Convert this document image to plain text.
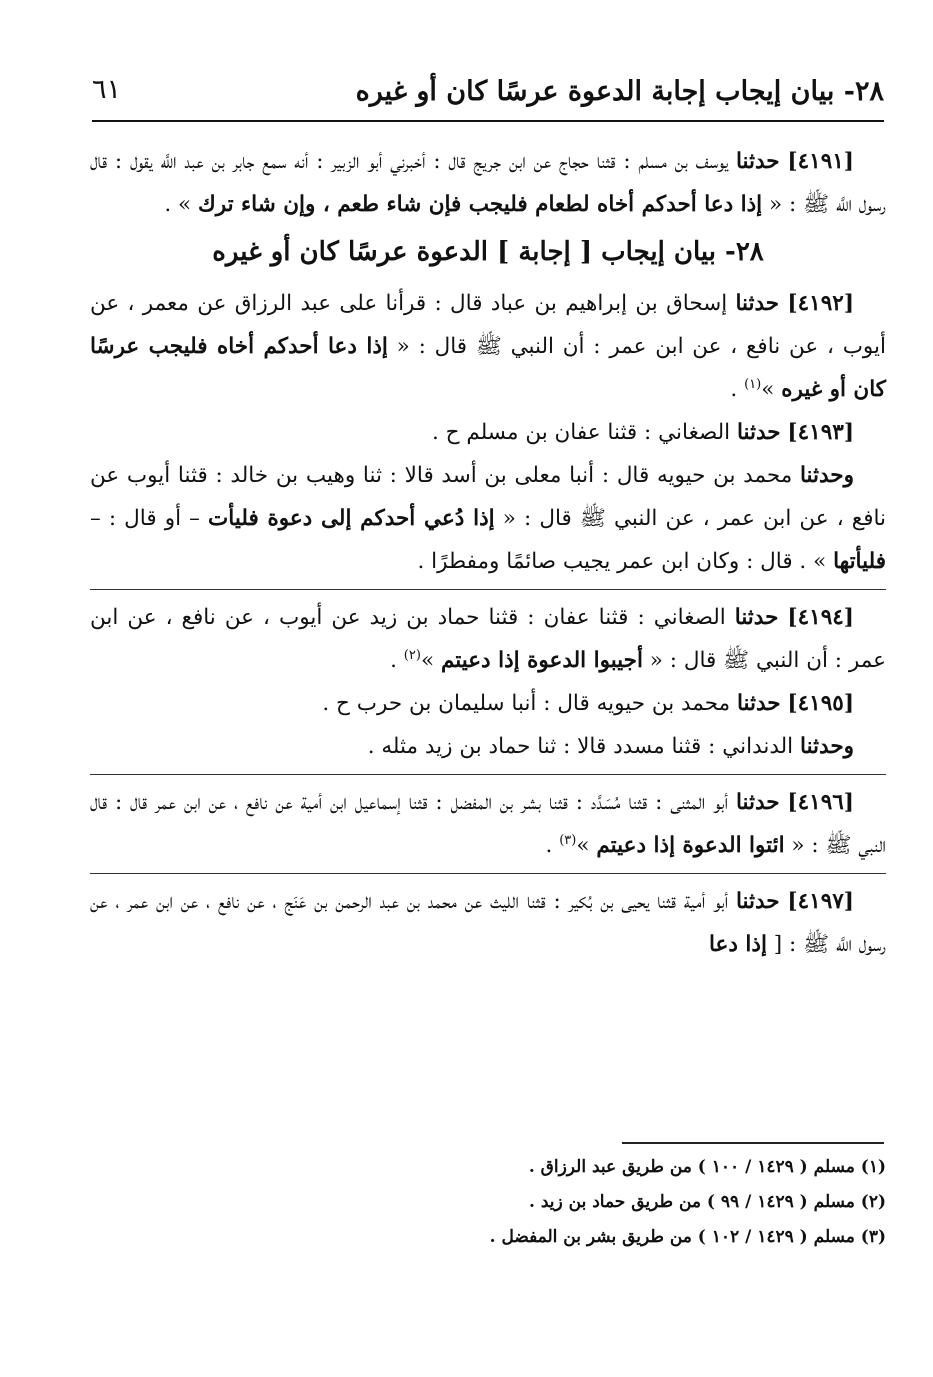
٢٨- بيان إيجاب إجابة الدعوة عرسًا كان أو غيره
٦١

[٤١٩١] حدثنا يوسف بن مسلم : قثنا حجاج عن ابن جريج قال : أخبرني أبو الزبير : أنه سمع جابر بن عبد اللَّه يقول : قال رسول اللَّه ﷺ : « إذا دعا أحدكم أخاه لطعام فليجب فإن شاء طعم ، وإن شاء ترك » .

٢٨- بيان إيجاب [ إجابة ] الدعوة عرسًا كان أو غيره

[٤١٩٢] حدثنا إسحاق بن إبراهيم بن عباد قال : قرأنا على عبد الرزاق عن معمر ، عن أيوب ، عن نافع ، عن ابن عمر : أن النبي ﷺ قال : « إذا دعا أحدكم أخاه فليجب عرسًا كان أو غيره »$^{(١)}$ .

[٤١٩٣] حدثنا الصغاني : قثنا عفان بن مسلم ح .

وحدثنا محمد بن حيويه قال : أنبا معلى بن أسد قالا : ثنا وهيب بن خالد : قثنا أيوب عن نافع ، عن ابن عمر ، عن النبي ﷺ قال : « إذا دُعي أحدكم إلى دعوة فليأت – أو قال : – فليأتها » . قال : وكان ابن عمر يجيب صائمًا ومفطرًا .

[٤١٩٤] حدثنا الصغاني : قثنا عفان : قثنا حماد بن زيد عن أيوب ، عن نافع ، عن ابن عمر : أن النبي ﷺ قال : « أجيبوا الدعوة إذا دعيتم »$^{(٢)}$ .

[٤١٩٥] حدثنا محمد بن حيويه قال : أنبا سليمان بن حرب ح .

وحدثنا الدنداني : قثنا مسدد قالا : ثنا حماد بن زيد مثله .

[٤١٩٦] حدثنا أبو المثنى : قثنا مُسَدَّد : قثنا بشر بن المفضل : قثنا إسماعيل ابن أمية عن نافع ، عن ابن عمر قال : قال النبي ﷺ : « ائتوا الدعوة إذا دعيتم »$^{(٣)}$ .

[٤١٩٧] حدثنا أبو أمية قثنا يحيى بن بُكير : قثنا الليث عن محمد بن عبد الرحمن بن عَنَج ، عن نافع ، عن ابن عمر ، عن رسول اللَّه ﷺ : [ إذا دعا

(١) مسلم ( ١٤٢٩ / ١٠٠ ) من طريق عبد الرزاق .
(٢) مسلم ( ١٤٢٩ / ٩٩ ) من طريق حماد بن زيد .
(٣) مسلم ( ١٤٢٩ / ١٠٢ ) من طريق بشر بن المفضل .
